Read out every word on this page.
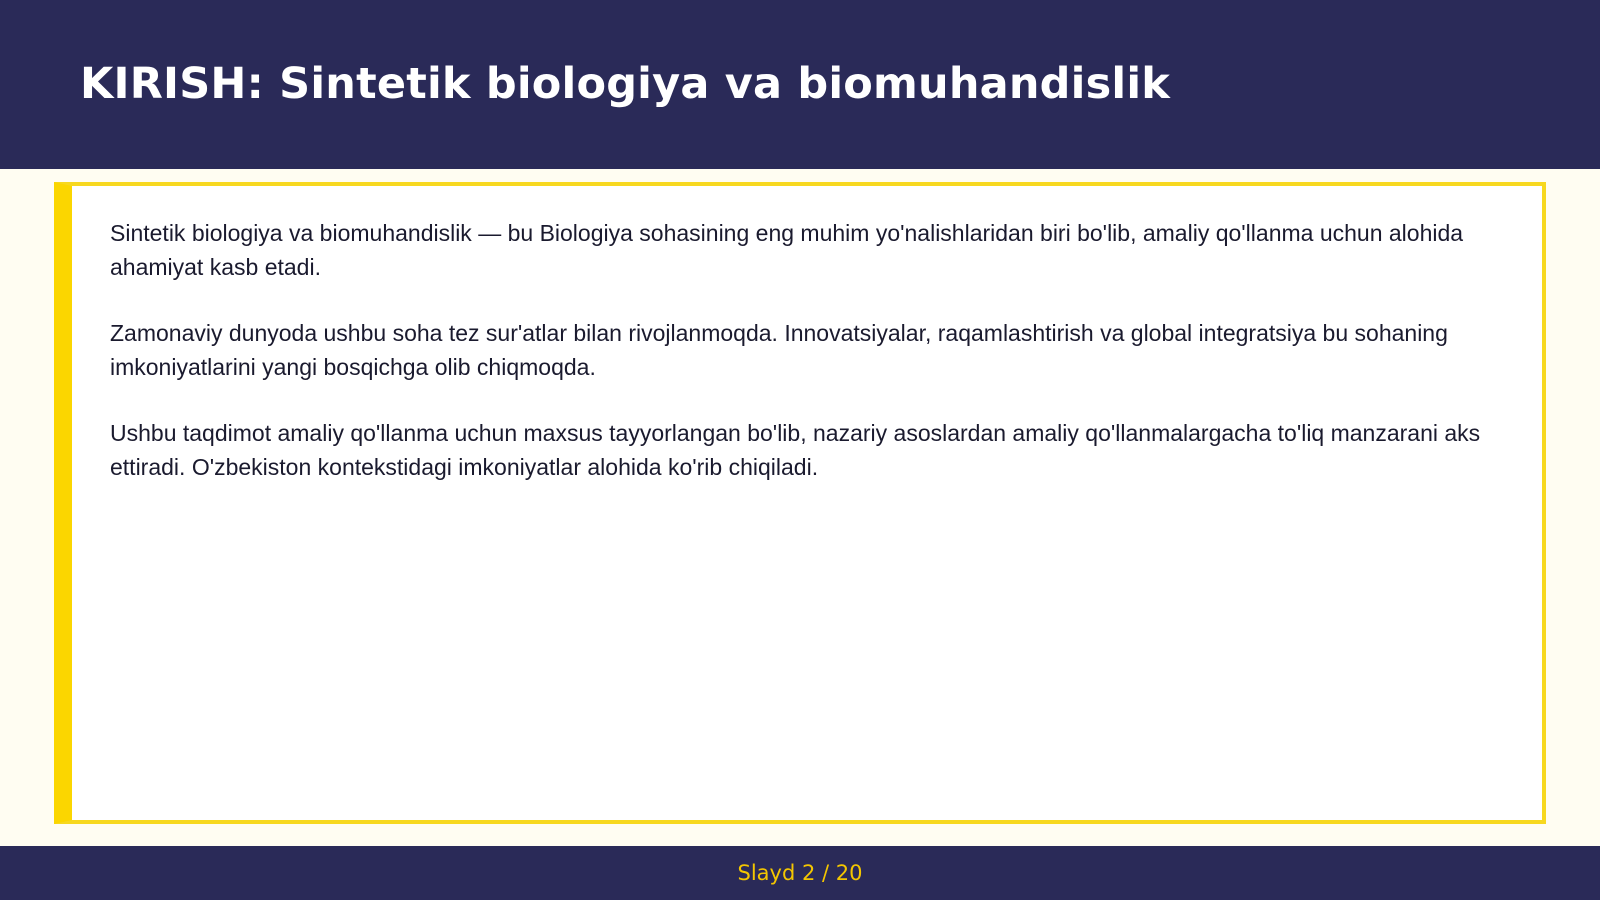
KIRISH: Sintetik biologiya va biomuhandislik

Sintetik biologiya va biomuhandislik — bu Biologiya sohasining eng muhim yo'nalishlaridan biri bo'lib, amaliy qo'llanma uchun alohida ahamiyat kasb etadi.

Zamonaviy dunyoda ushbu soha tez sur'atlar bilan rivojlanmoqda. Innovatsiyalar, raqamlashtirish va global integratsiya bu sohaning imkoniyatlarini yangi bosqichga olib chiqmoqda.

Ushbu taqdimot amaliy qo'llanma uchun maxsus tayyorlangan bo'lib, nazariy asoslardan amaliy qo'llanmalargacha to'liq manzarani aks ettiradi. O'zbekiston kontekstidagi imkoniyatlar alohida ko'rib chiqiladi.

Slayd 2 / 20
